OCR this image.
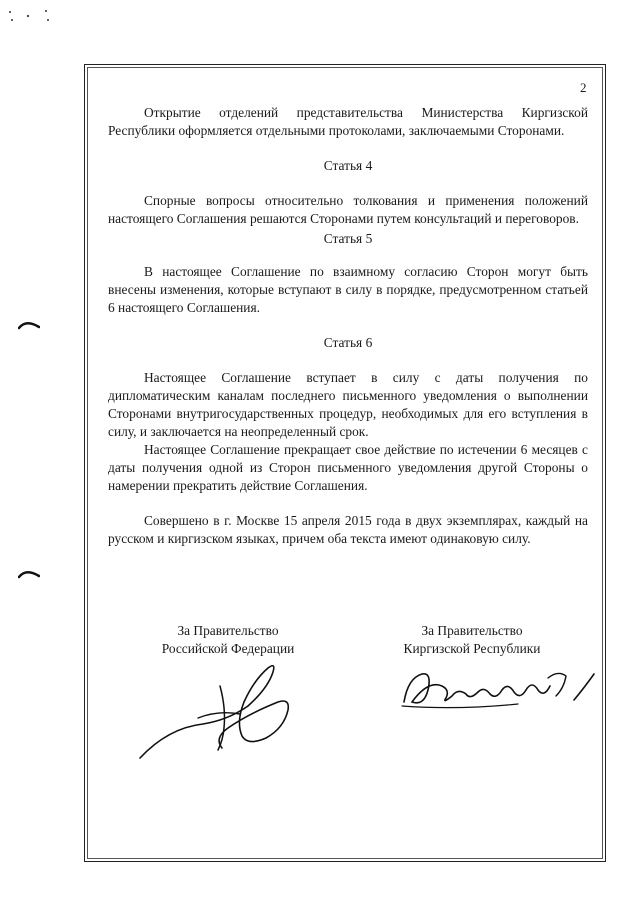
2

Открытие отделений представительства Министерства Киргизской Республики оформляется отдельными протоколами, заключаемыми Сторонами.

Статья 4

Спорные вопросы относительно толкования и применения положений настоящего Соглашения решаются Сторонами путем консультаций и переговоров.

Статья 5

В настоящее Соглашение по взаимному согласию Сторон могут быть внесены изменения, которые вступают в силу в порядке, предусмотренном статьей 6 настоящего Соглашения.

Статья 6

Настоящее Соглашение вступает в силу с даты получения по дипломатическим каналам последнего письменного уведомления о выполнении Сторонами внутригосударственных процедур, необходимых для его вступления в силу, и заключается на неопределенный срок.

Настоящее Соглашение прекращает свое действие по истечении 6 месяцев с даты получения одной из Сторон письменного уведомления другой Стороны о намерении прекратить действие Соглашения.

Совершено в г. Москве 15 апреля 2015 года в двух экземплярах, каждый на русском и киргизском языках, причем оба текста имеют одинаковую силу.

За Правительство
Российской Федерации
За Правительство
Киргизской Республики
